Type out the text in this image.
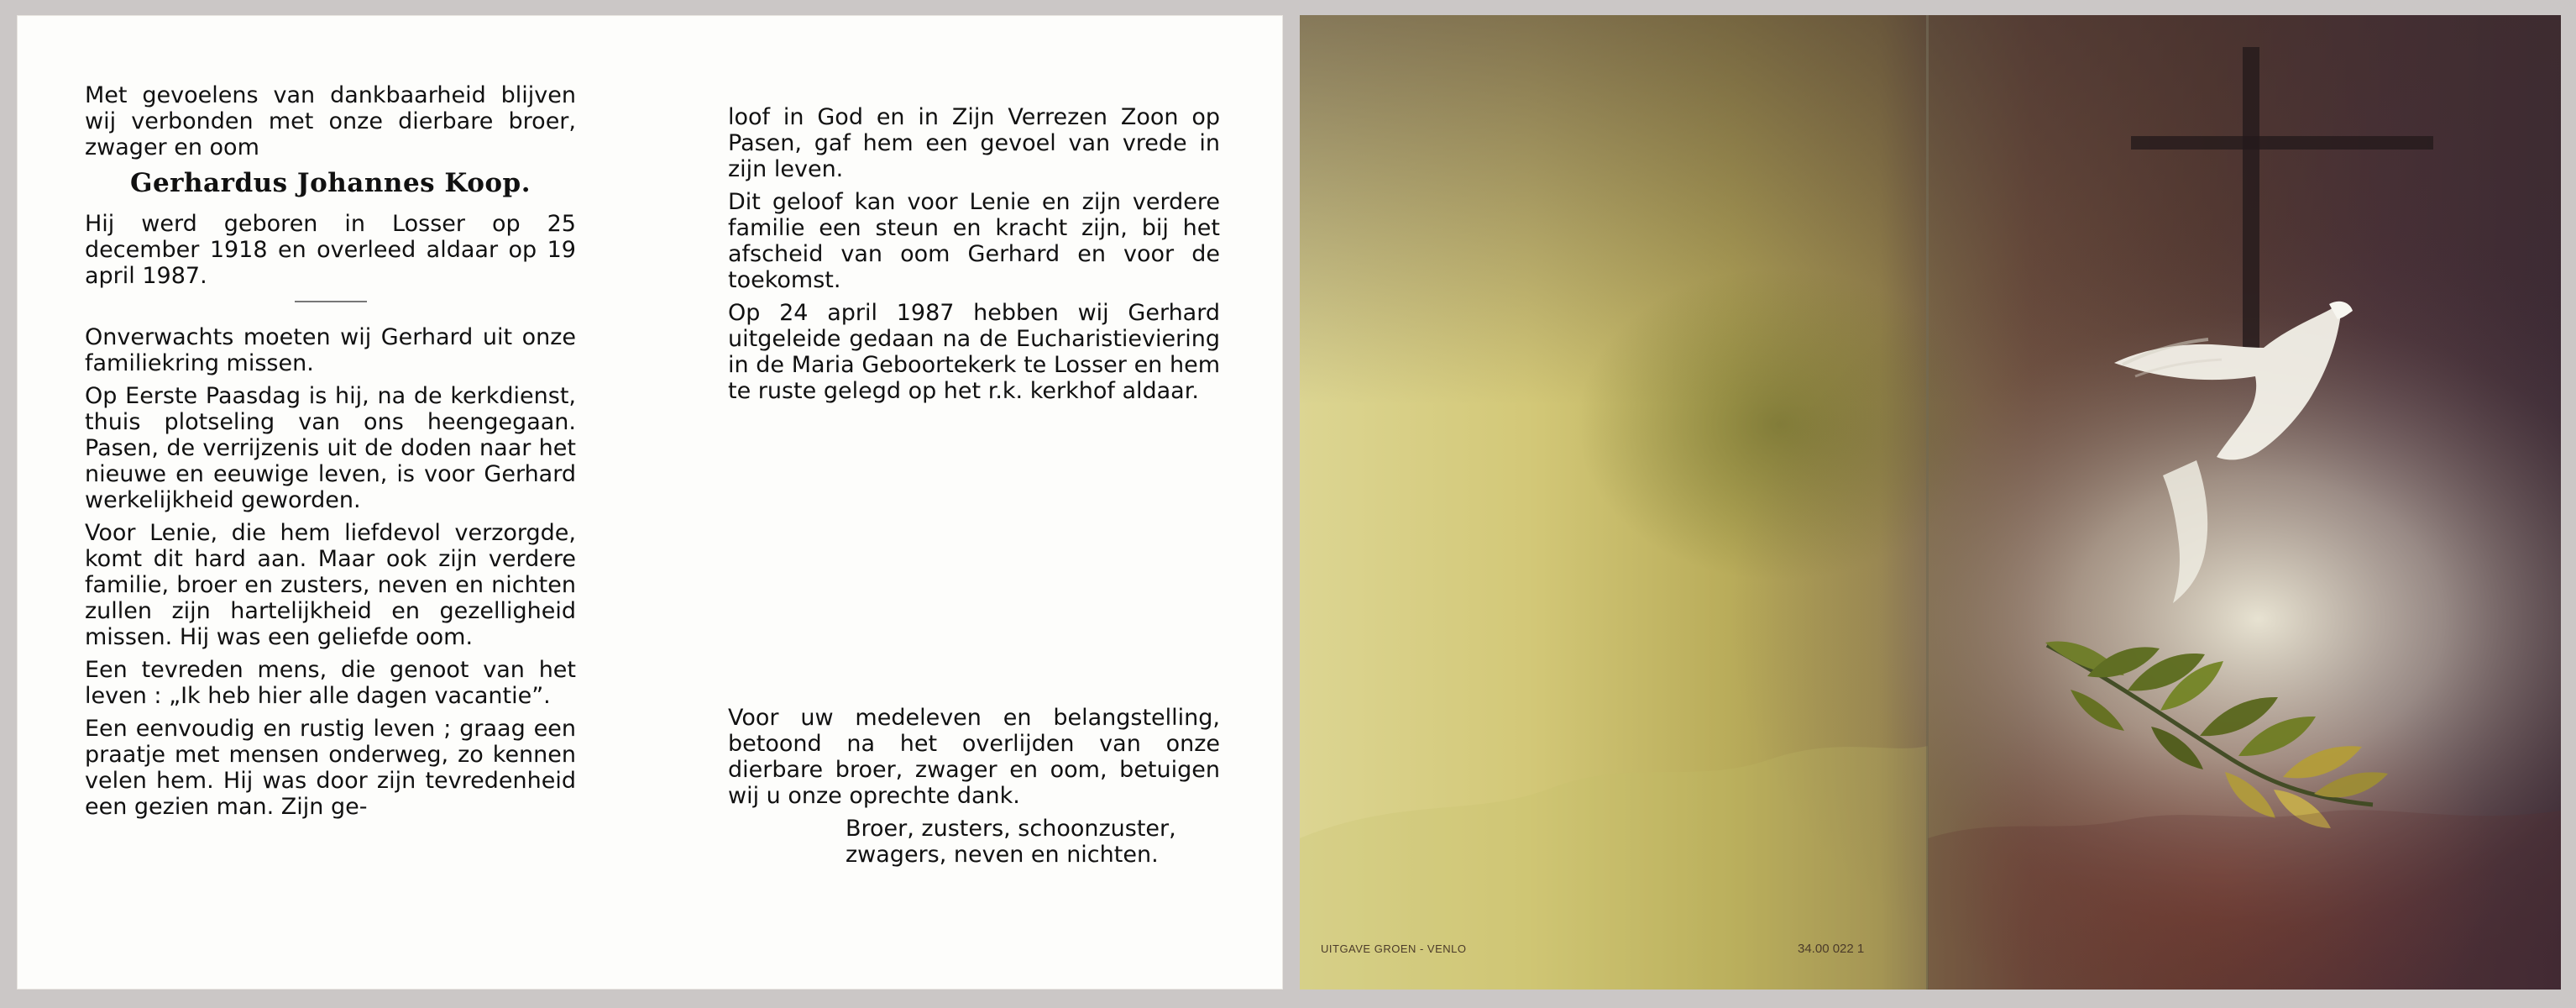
Met gevoelens van dankbaarheid blijven wij verbonden met onze dierbare broer, zwager en oom

Gerhardus Johannes Koop.

Hij werd geboren in Losser op 25 december 1918 en overleed aldaar op 19 april 1987.

Onverwachts moeten wij Gerhard uit onze familiekring missen.

Op Eerste Paasdag is hij, na de kerkdienst, thuis plotseling van ons heengegaan. Pasen, de verrijzenis uit de doden naar het nieuwe en eeuwige leven, is voor Gerhard werkelijkheid geworden.

Voor Lenie, die hem liefdevol verzorgde, komt dit hard aan. Maar ook zijn verdere familie, broer en zusters, neven en nichten zullen zijn hartelijkheid en gezelligheid missen. Hij was een geliefde oom.

Een tevreden mens, die genoot van het leven : „Ik heb hier alle dagen vacantie”.

Een eenvoudig en rustig leven ; graag een praatje met mensen onderweg, zo kennen velen hem. Hij was door zijn tevredenheid een gezien man. Zijn ge-

loof in God en in Zijn Verrezen Zoon op Pasen, gaf hem een gevoel van vrede in zijn leven.

Dit geloof kan voor Lenie en zijn verdere familie een steun en kracht zijn, bij het afscheid van oom Gerhard en voor de toekomst.

Op 24 april 1987 hebben wij Gerhard uitgeleide gedaan na de Eucharistieviering in de Maria Geboortekerk te Losser en hem te ruste gelegd op het r.k. kerkhof aldaar.

Voor uw medeleven en belangstelling, betoond na het overlijden van onze dierbare broer, zwager en oom, betuigen wij u onze oprechte dank.

Broer, zusters, schoonzuster,
zwagers, neven en nichten.
UITGAVE GROEN - VENLO	34.00 022 1
